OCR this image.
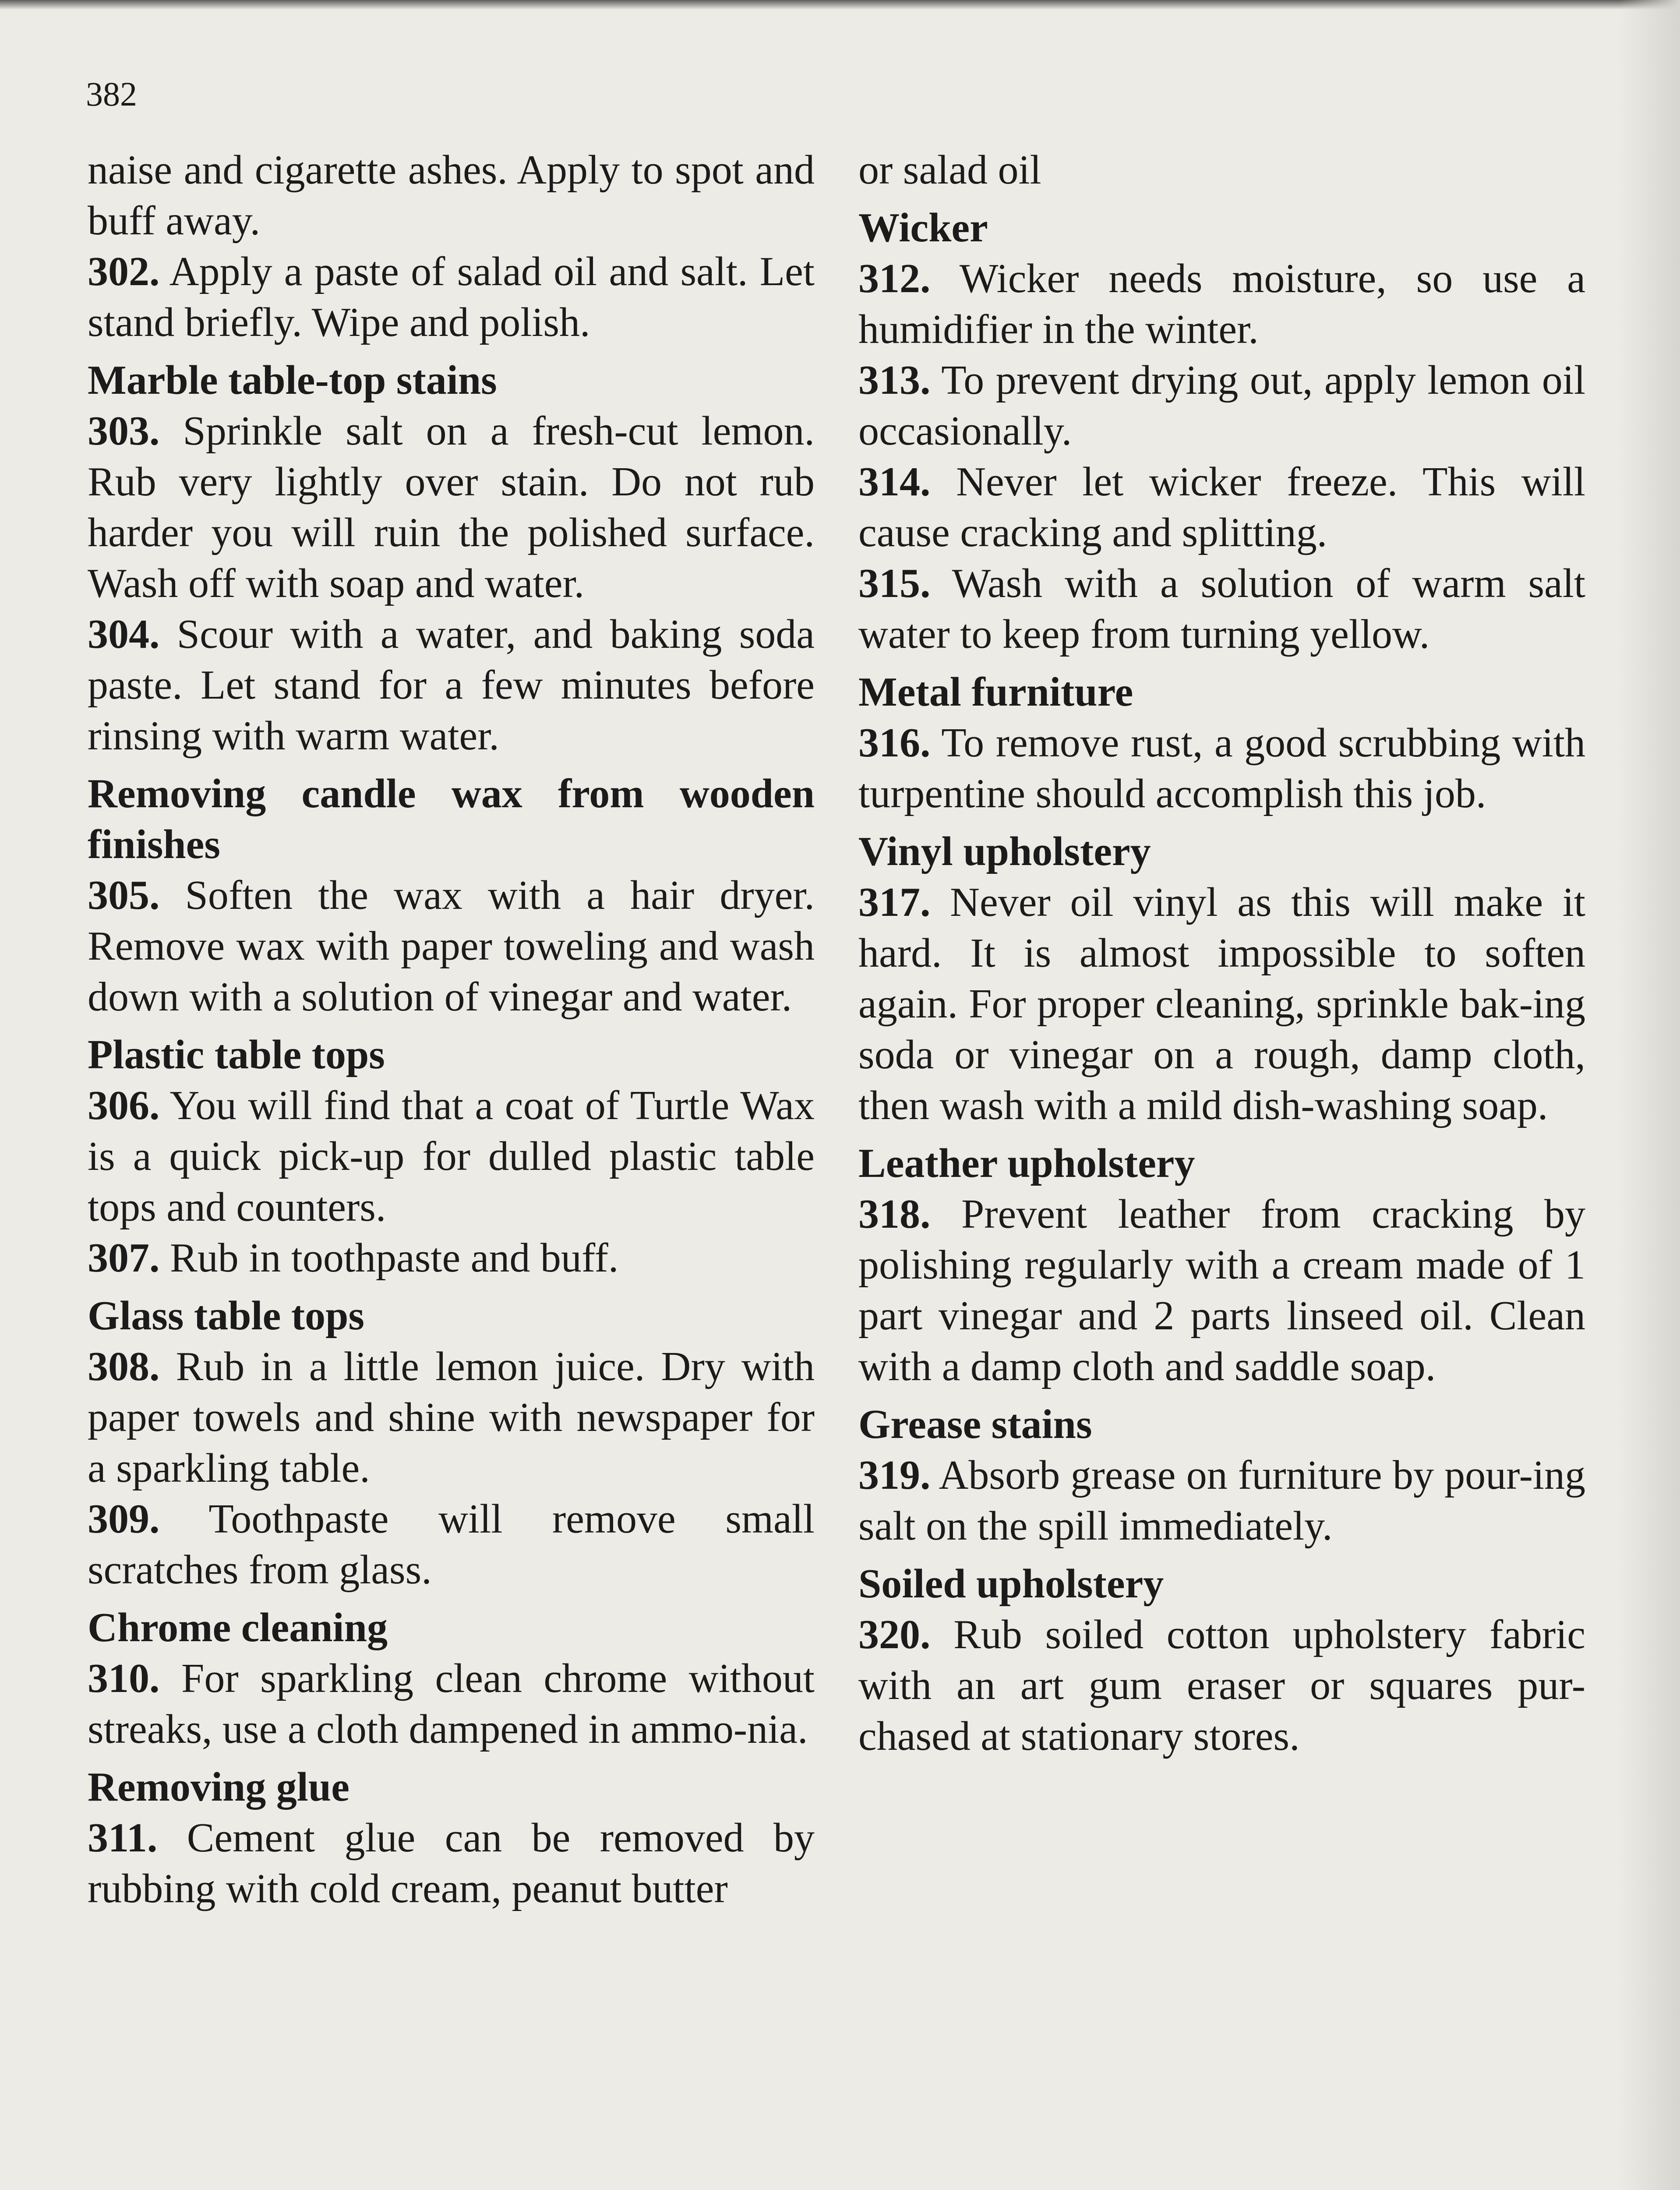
382

naise and cigarette ashes. Apply to spot and buff away.

302. Apply a paste of salad oil and salt. Let stand briefly. Wipe and polish.

Marble table-top stains

303. Sprinkle salt on a fresh-cut lemon. Rub very lightly over stain. Do not rub harder you will ruin the polished surface. Wash off with soap and water.

304. Scour with a water, and baking soda paste. Let stand for a few minutes before rinsing with warm water.

Removing candle wax from wooden finishes

305. Soften the wax with a hair dryer. Remove wax with paper toweling and wash down with a solution of vinegar and water.

Plastic table tops

306. You will find that a coat of Turtle Wax is a quick pick-up for dulled plastic table tops and counters.

307. Rub in toothpaste and buff.

Glass table tops

308. Rub in a little lemon juice. Dry with paper towels and shine with newspaper for a sparkling table.

309. Toothpaste will remove small scratches from glass.

Chrome cleaning

310. For sparkling clean chrome without streaks, use a cloth dampened in ammo-nia.

Removing glue

311. Cement glue can be removed by rubbing with cold cream, peanut butter

or salad oil

Wicker

312. Wicker needs moisture, so use a humidifier in the winter.

313. To prevent drying out, apply lemon oil occasionally.

314. Never let wicker freeze. This will cause cracking and splitting.

315. Wash with a solution of warm salt water to keep from turning yellow.

Metal furniture

316. To remove rust, a good scrubbing with turpentine should accomplish this job.

Vinyl upholstery

317. Never oil vinyl as this will make it hard. It is almost impossible to soften again. For proper cleaning, sprinkle bak-ing soda or vinegar on a rough, damp cloth, then wash with a mild dish-washing soap.

Leather upholstery

318. Prevent leather from cracking by polishing regularly with a cream made of 1 part vinegar and 2 parts linseed oil. Clean with a damp cloth and saddle soap.

Grease stains

319. Absorb grease on furniture by pour-ing salt on the spill immediately.

Soiled upholstery

320. Rub soiled cotton upholstery fabric with an art gum eraser or squares pur-chased at stationary stores.
